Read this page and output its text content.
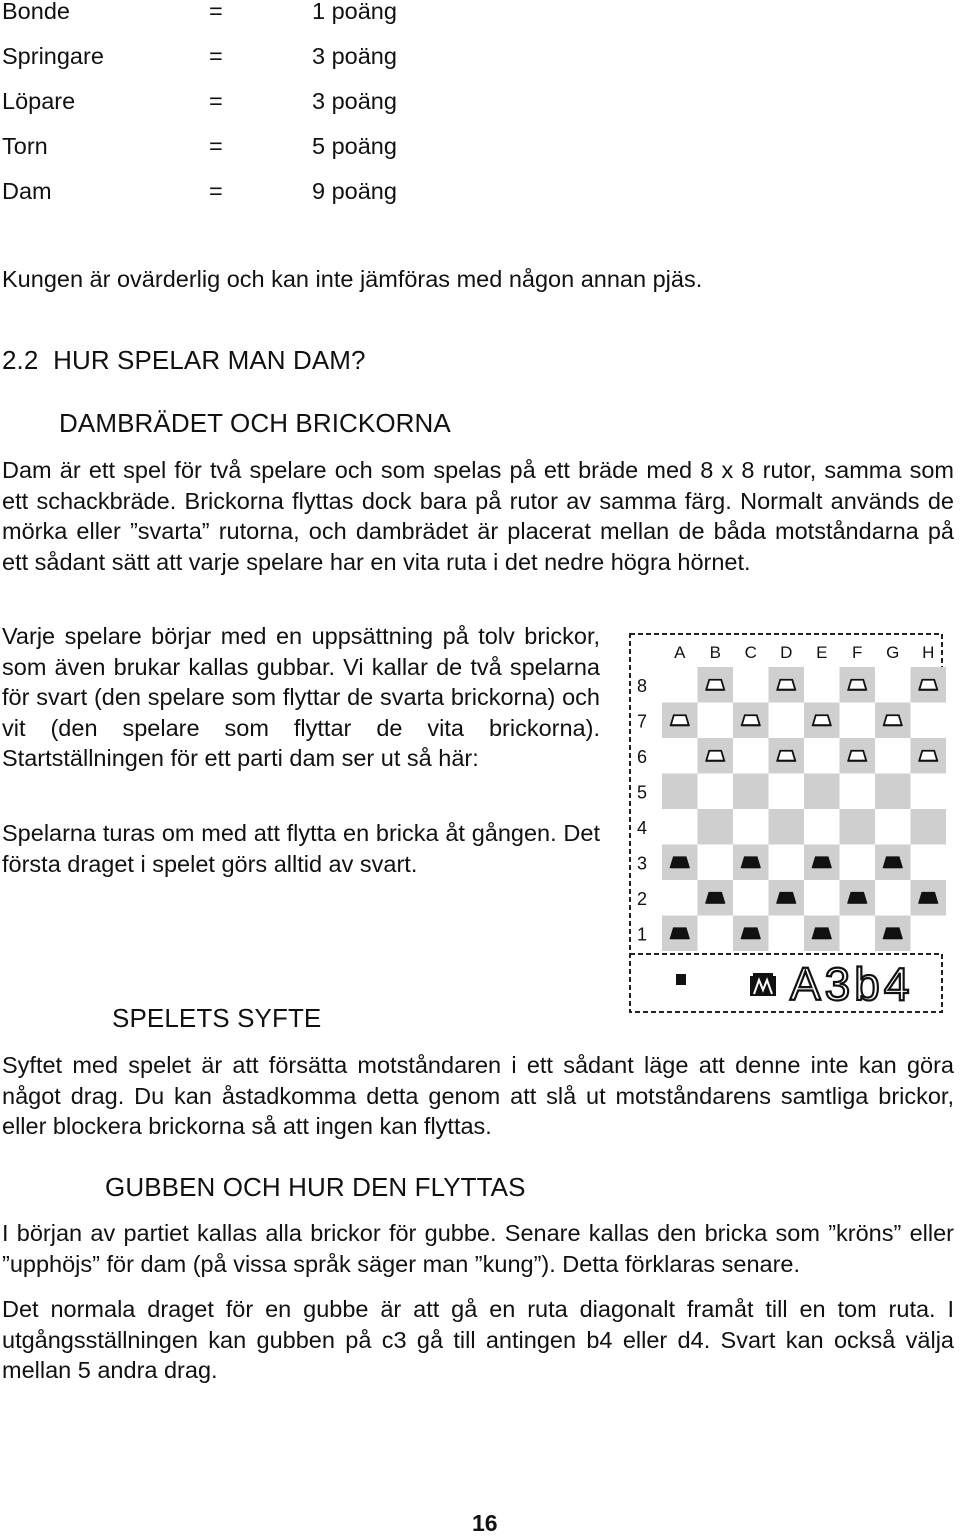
Bonde	=	1 poäng
Springare	=	3 poäng
Löpare	=	3 poäng
Torn	=	5 poäng
Dam	=	9 poäng
Kungen är ovärderlig och kan inte jämföras med någon annan pjäs.
2.2  HUR SPELAR MAN DAM?
DAMBRÄDET OCH BRICKORNA

Dam är ett spel för två spelare och som spelas på ett bräde med 8 x 8 rutor, samma som ett schackbräde. Brickorna flyttas dock bara på rutor av samma färg. Normalt används de mörka eller ”svarta” rutorna, och dambrädet är placerat mellan de båda motståndarna på ett sådant sätt att varje spelare har en vita ruta i det nedre högra hörnet.

Varje spelare börjar med en uppsättning på tolv brickor, som även brukar kallas gubbar. Vi kallar de två spelarna för svart (den spelare som flyttar de svarta brickorna) och vit (den spelare som flyttar de vita brickorna). Startställningen för ett parti dam ser ut så här:

Spelarna turas om med att flytta en bricka åt gången. Det första draget i spelet görs alltid av svart.

SPELETS SYFTE

Syftet med spelet är att försätta motståndaren i ett sådant läge att denne inte kan göra något drag. Du kan åstadkomma detta genom att slå ut motståndarens samtliga brickor, eller blockera brickorna så att ingen kan flyttas.

GUBBEN OCH HUR DEN FLYTTAS

I början av partiet kallas alla brickor för gubbe. Senare kallas den bricka som ”kröns” eller ”upphöjs” för dam (på vissa språk säger man ”kung”). Detta förklaras senare.

Det normala draget för en gubbe är att gå en ruta diagonalt framåt till en tom ruta. I utgångsställningen kan gubben på c3 gå till antingen b4 eller d4. Svart kan också välja mellan 5 andra drag.

16
A B C D E F G H
8
7
6
5
4
3
2
1
A3b4
